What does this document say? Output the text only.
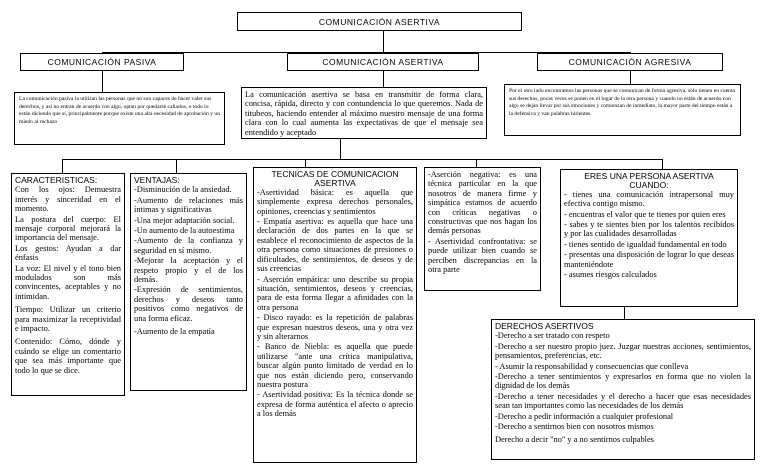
COMUNICACIÓN ASERTIVA
COMUNICACIÓN PASIVA	COMUNICACIÓN ASERTIVA	COMUNICACIÓN AGRESIVA
La comunicación pasiva la utilizan las personas que no son capaces de hacer valer sus derechos, y así no entran de acuerdo con algo, optan por quedarse callados, o todo lo están diciendo que sí, principalmente porque existe una alta necesidad de aprobación y un miedo al rechazo
La comunicación asertiva se basa en transmitir de forma clara, concisa, rápida, directo y con contundencia lo que queremos. Nada de titubeos, haciendo entender al máximo nuestro mensaje de una forma clara con lo cual aumenta las expectativas de que el mensaje sea entendido y aceptado
Por el otro lado encontramos las personas que se comunican de forma agresiva, sólo tienen en cuenta sus derechos, pocas veces se ponen en el lugar de la otra persona y cuando no están de acuerdo con algo se dejan llevar por sus emociones y comienzan de inmediato, la mayor parte del tiempo están a la defensiva y van palabras hirientes.
CARACTERISTICAS:

Con los ojos: Demuestra interés y sinceridad en el momento.

La postura del cuerpo: El mensaje corporal mejorará la importancia del mensaje.

Los gestos: Ayudan a dar énfasis

La voz: El nivel y el tono bien modulados son más convincentes, aceptables y no intimidan.

Tiempo: Utilizar un criterio para maximizar la receptividad e impacto.

Contenido: Cómo, dónde y cuándo se elige un comentario que sea más importante que todo lo que se dice.

VENTAJAS:

-Disminución de la ansiedad.

-Aumento de relaciones más íntimas y significativas

-Una mejor adaptación social.

-Un aumento de la autoestima

-Aumento de la confianza y seguridad en sí mismo.

-Mejorar la aceptación y el respeto propio y el de los demás.

-Expresión de sentimientos, derechos y deseos tanto positivos como negativos de una forma eficaz.

-Aumento de la empatía

TECNICAS DE COMUNICACION ASERTIVA

-Asertividad básica: es aquella que simplemente expresa derechos personales, opiniones, creencias y sentimientos

- Empatía asertiva: es aquella que hace una declaración de dos partes en la que se establece el reconocimiento de aspectos de la otra persona como situaciones de presiones o dificultades, de sentimientos, de deseos y de sus creencias

- Aserción empática: uno describe su propia situación, sentimientos, deseos y creencias, para de esta forma llegar a afinidades con la otra persona

- Disco rayado: es la repetición de palabras que expresan nuestros deseos, una y otra vez y sin alterarnos

- Banco de Niebla: es aquella que puede utilizarse "ante una crítica manipulativa, buscar algún punto limitado de verdad en lo que nos están diciendo pero, conservando nuestra postura

- Asertividad positiva: Es la técnica donde se expresa de forma auténtica el afecto o aprecio a los demás

-Aserción negativa: es una técnica particular en la que nosotros de manera firme y simpática estamos de acuerdo con críticas negativas o constructivas que nos hagan los demás personas

- Asertividad confrontativa: se puede utilizar bien cuando se perciben discrepancias en la otra parte

ERES UNA PERSONA ASERTIVA CUANDO:

- tienes una comunicación intrapersonal muy efectiva contigo mismo.

- encuentras el valor que te tienes por quien eres

- sabes y te sientes bien por los talentos recibidos y por las cualidades desarrolladas

- tienes sentido de igualdad fundamental en todo

- presentas una disposición de lograr lo que deseas manteniéndote

- asumes riesgos calculados

DERECHOS ASERTIVOS

-Derecho a ser tratado con respeto

-Derecho a ser nuestro propio juez. Juzgar nuestras acciones, sentimientos, pensamientos, preferencias, etc.

- Asumir la responsabilidad y consecuencias que conlleva

-Derecho a tener sentimientos y expresarlos en forma que no violen la dignidad de los demás

-Derecho a tener necesidades y el derecho a hacer que esas necesidades sean tan importantes como las necesidades de los demás

-Derecho a pedir información a cualquier profesional

-Derecho a sentirnos bien con nosotros mismos

Derecho a decir "no" y a no sentirnos culpables
